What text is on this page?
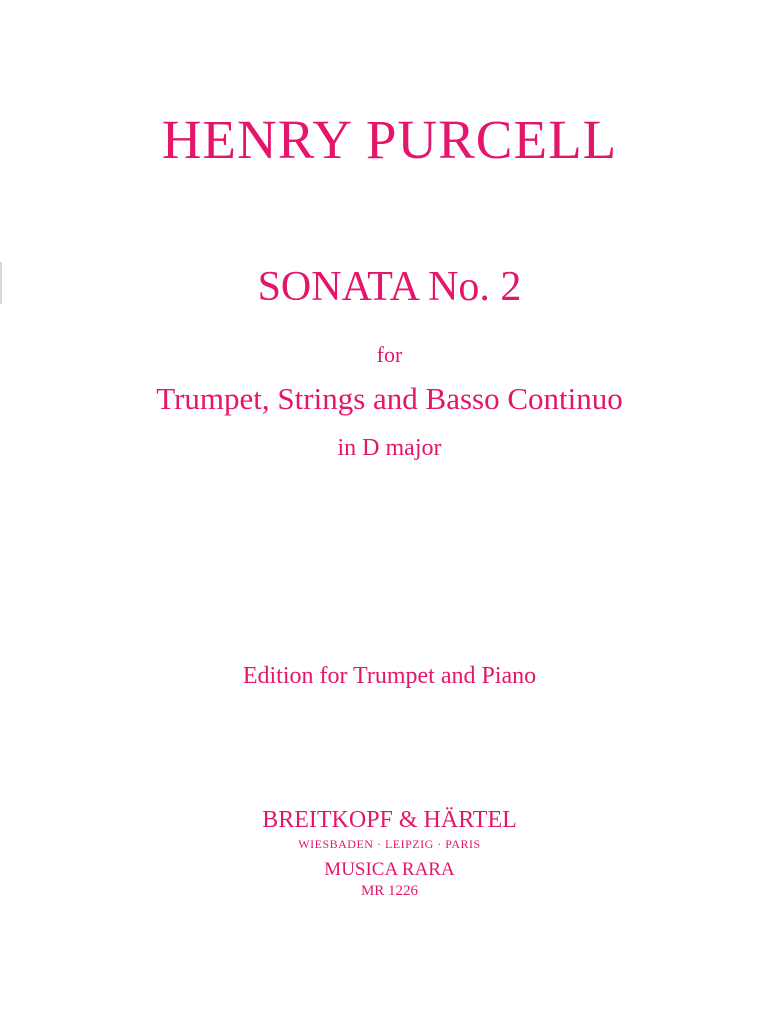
HENRY PURCELL

SONATA No. 2

for

Trumpet, Strings and Basso Continuo

in D major

Edition for Trumpet and Piano

BREITKOPF & HÄRTEL

WIESBADEN · LEIPZIG · PARIS

MUSICA RARA

MR 1226
